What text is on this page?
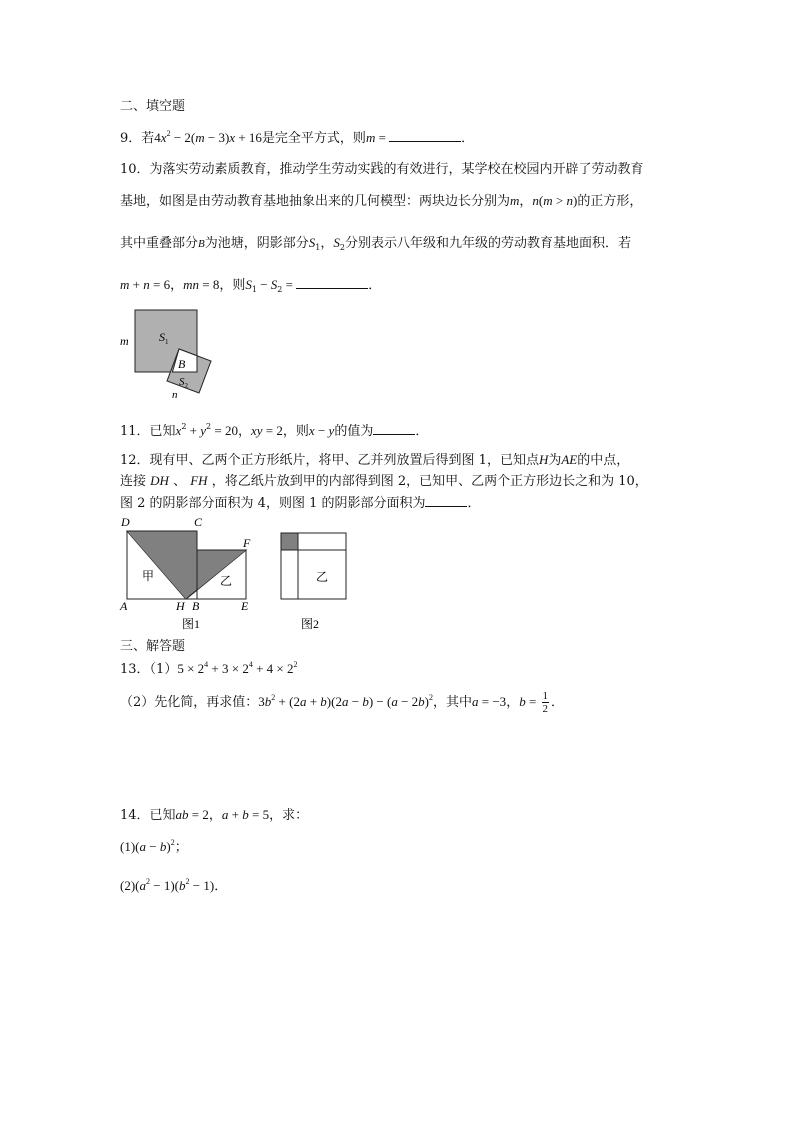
二、填空题
9．若$4x^2 - 2(m - 3)x + 16$是完全平方式，则m =	．
10．为落实劳动素质教育，推动学生劳动实践的有效进行，某学校在校园内开辟了劳动教育
基地，如图是由劳动教育基地抽象出来的几何模型：两块边长分别为m，n(m > n)的正方形，
其中重叠部分B为池塘，阴影部分$S_1$，$S_2$分别表示八年级和九年级的劳动教育基地面积．若
m + n = 6，mn = 8，则$S_1 - S_2$ =	．
m	$S_1$
B
$S_2$
n
11．已知$x^2 + y^2 = 20$，xy = 2，则x − y的值为	．
12．现有甲、乙两个正方形纸片，将甲、乙并列放置后得到图 1，已知点H为AE的中点，
连接 DH 、 FH ，将乙纸片放到甲的内部得到图 2，已知甲、乙两个正方形边长之和为 10，
图 2 的阴影部分面积为 4，则图 1 的阴影部分面积为	．
D	C
F
A	H B	E
甲	乙
图1
乙
图2
三、解答题
13．$(1)5 \times 2^4 + 3 \times 2^4 + 4 \times 2^2$
（2）先化简，再求值：$3b^2 + (2a + b)(2a - b) - (a - 2b)^2$，其中a = −3，$b = \frac{1}{2}$ ．
14．已知ab = 2，a + b = 5，求：
$(1)(a - b)^2$；
$(2)(a^2 - 1)(b^2 - 1)$．
